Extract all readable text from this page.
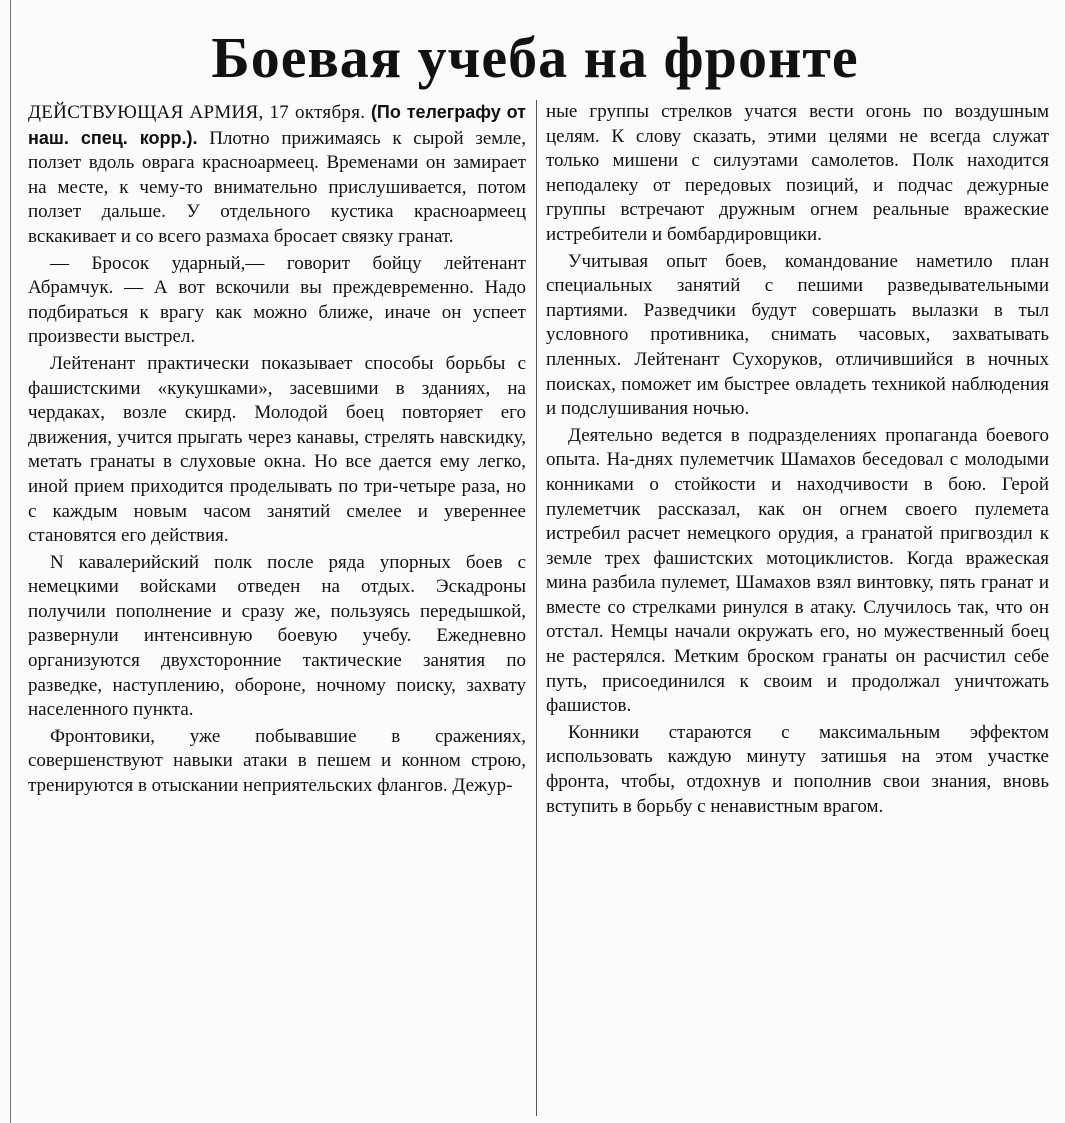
Боевая учеба на фронте

ДЕЙСТВУЮЩАЯ АРМИЯ, 17 октября. (По телеграфу от наш. спец. корр.). Плотно прижимаясь к сырой земле, ползет вдоль оврага красноармеец. Временами он замирает на месте, к чему-то внимательно прислушивается, потом ползет дальше. У отдельного кустика красноармеец вскакивает и со всего размаха бросает связку гранат.

— Бросок ударный,— говорит бойцу лейтенант Абрамчук. — А вот вскочили вы преждевременно. Надо подбираться к врагу как можно ближе, иначе он успеет произвести выстрел.

Лейтенант практически показывает способы борьбы с фашистскими «кукушками», засевшими в зданиях, на чердаках, возле скирд. Молодой боец повторяет его движения, учится прыгать через канавы, стрелять навскидку, метать гранаты в слуховые окна. Но все дается ему легко, иной прием приходится проделывать по три-четыре раза, но с каждым новым часом занятий смелее и увереннее становятся его действия.

N кавалерийский полк после ряда упорных боев с немецкими войсками отведен на отдых. Эскадроны получили пополнение и сразу же, пользуясь передышкой, развернули интенсивную боевую учебу. Ежедневно организуются двухсторонние тактические занятия по разведке, наступлению, обороне, ночному поиску, захвату населенного пункта.

Фронтовики, уже побывавшие в сражениях, совершенствуют навыки атаки в пешем и конном строю, тренируются в отыскании неприятельских флангов. Дежур-

ные группы стрелков учатся вести огонь по воздушным целям. К слову сказать, этими целями не всегда служат только мишени с силуэтами самолетов. Полк находится неподалеку от передовых позиций, и подчас дежурные группы встречают дружным огнем реальные вражеские истребители и бомбардировщики.

Учитывая опыт боев, командование наметило план специальных занятий с пешими разведывательными партиями. Разведчики будут совершать вылазки в тыл условного противника, снимать часовых, захватывать пленных. Лейтенант Сухоруков, отличившийся в ночных поисках, поможет им быстрее овладеть техникой наблюдения и подслушивания ночью.

Деятельно ведется в подразделениях пропаганда боевого опыта. На-днях пулеметчик Шамахов беседовал с молодыми конниками о стойкости и находчивости в бою. Герой пулеметчик рассказал, как он огнем своего пулемета истребил расчет немецкого орудия, а гранатой пригвоздил к земле трех фашистских мотоциклистов. Когда вражеская мина разбила пулемет, Шамахов взял винтовку, пять гранат и вместе со стрелками ринулся в атаку. Случилось так, что он отстал. Немцы начали окружать его, но мужественный боец не растерялся. Метким броском гранаты он расчистил себе путь, присоединился к своим и продолжал уничтожать фашистов.

Конники стараются с максимальным эффектом использовать каждую минуту затишья на этом участке фронта, чтобы, отдохнув и пополнив свои знания, вновь вступить в борьбу с ненавистным врагом.
